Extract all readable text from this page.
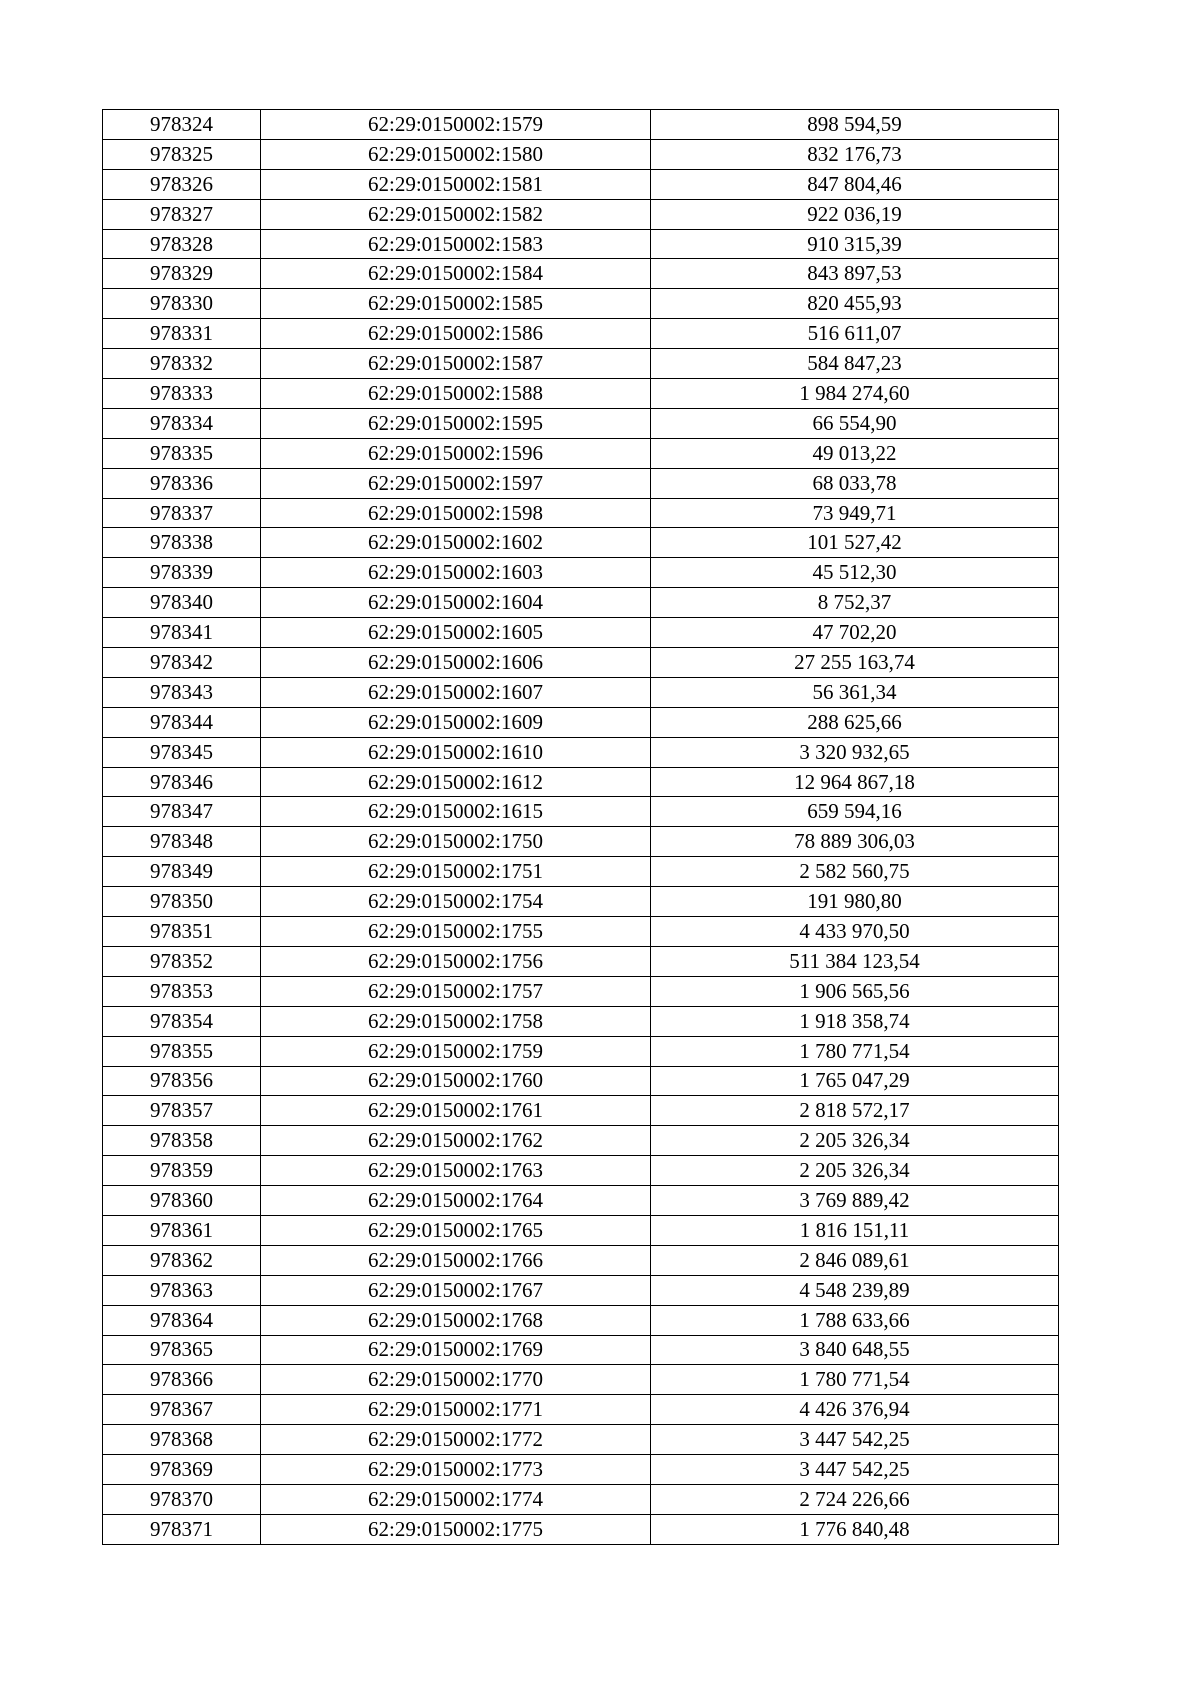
978324	62:29:0150002:1579	898 594,59
978325	62:29:0150002:1580	832 176,73
978326	62:29:0150002:1581	847 804,46
978327	62:29:0150002:1582	922 036,19
978328	62:29:0150002:1583	910 315,39
978329	62:29:0150002:1584	843 897,53
978330	62:29:0150002:1585	820 455,93
978331	62:29:0150002:1586	516 611,07
978332	62:29:0150002:1587	584 847,23
978333	62:29:0150002:1588	1 984 274,60
978334	62:29:0150002:1595	66 554,90
978335	62:29:0150002:1596	49 013,22
978336	62:29:0150002:1597	68 033,78
978337	62:29:0150002:1598	73 949,71
978338	62:29:0150002:1602	101 527,42
978339	62:29:0150002:1603	45 512,30
978340	62:29:0150002:1604	8 752,37
978341	62:29:0150002:1605	47 702,20
978342	62:29:0150002:1606	27 255 163,74
978343	62:29:0150002:1607	56 361,34
978344	62:29:0150002:1609	288 625,66
978345	62:29:0150002:1610	3 320 932,65
978346	62:29:0150002:1612	12 964 867,18
978347	62:29:0150002:1615	659 594,16
978348	62:29:0150002:1750	78 889 306,03
978349	62:29:0150002:1751	2 582 560,75
978350	62:29:0150002:1754	191 980,80
978351	62:29:0150002:1755	4 433 970,50
978352	62:29:0150002:1756	511 384 123,54
978353	62:29:0150002:1757	1 906 565,56
978354	62:29:0150002:1758	1 918 358,74
978355	62:29:0150002:1759	1 780 771,54
978356	62:29:0150002:1760	1 765 047,29
978357	62:29:0150002:1761	2 818 572,17
978358	62:29:0150002:1762	2 205 326,34
978359	62:29:0150002:1763	2 205 326,34
978360	62:29:0150002:1764	3 769 889,42
978361	62:29:0150002:1765	1 816 151,11
978362	62:29:0150002:1766	2 846 089,61
978363	62:29:0150002:1767	4 548 239,89
978364	62:29:0150002:1768	1 788 633,66
978365	62:29:0150002:1769	3 840 648,55
978366	62:29:0150002:1770	1 780 771,54
978367	62:29:0150002:1771	4 426 376,94
978368	62:29:0150002:1772	3 447 542,25
978369	62:29:0150002:1773	3 447 542,25
978370	62:29:0150002:1774	2 724 226,66
978371	62:29:0150002:1775	1 776 840,48
